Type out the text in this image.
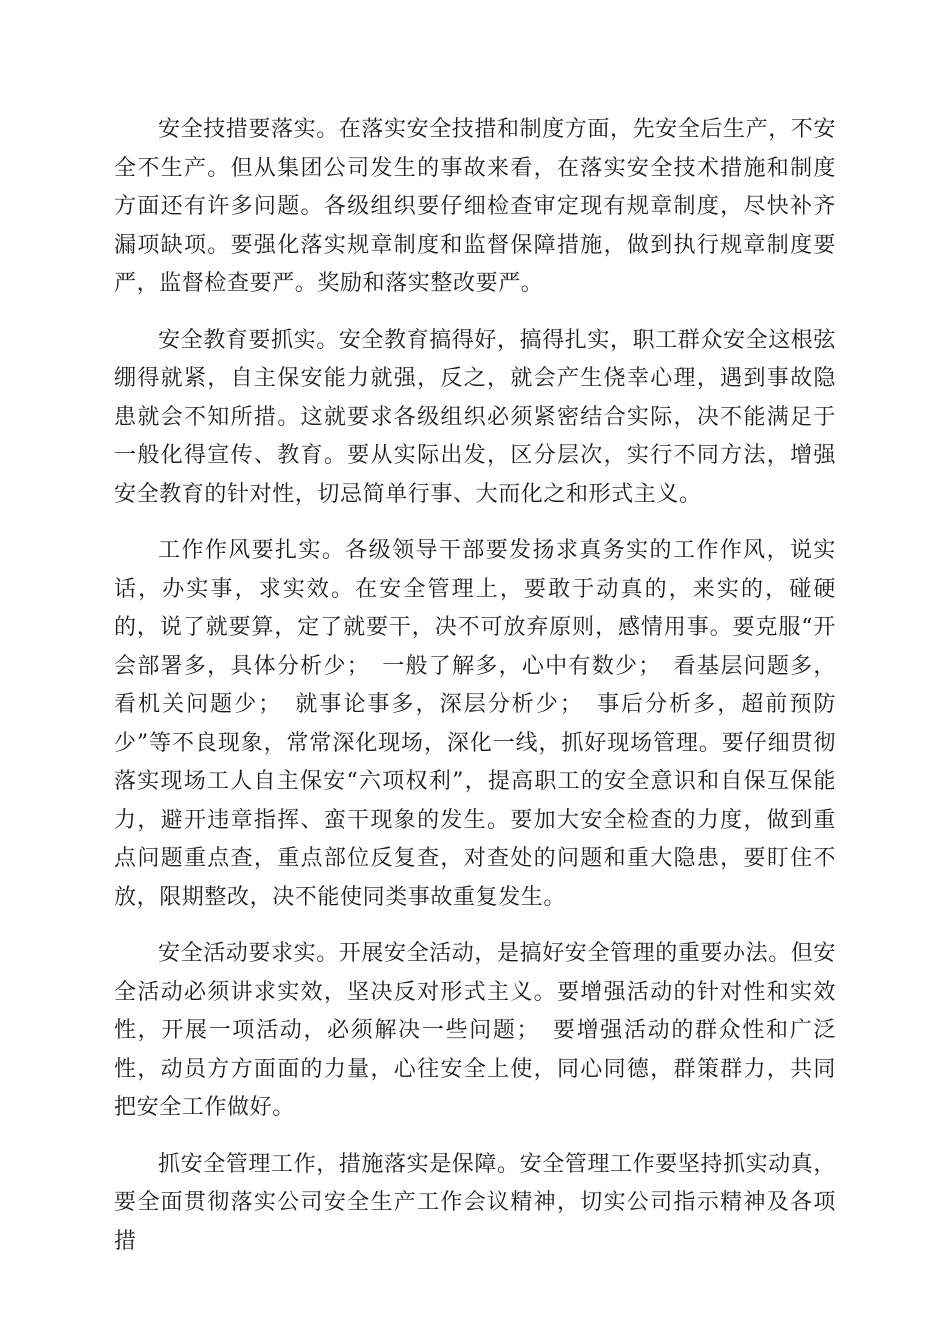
安全技措要落实。在落实安全技措和制度方面，先安全后生产，不安全不生产。但从集团公司发生的事故来看，在落实安全技术措施和制度方面还有许多问题。各级组织要仔细检查审定现有规章制度，尽快补齐漏项缺项。要强化落实规章制度和监督保障措施，做到执行规章制度要严，监督检查要严。奖励和落实整改要严。

安全教育要抓实。安全教育搞得好，搞得扎实，职工群众安全这根弦绷得就紧，自主保安能力就强，反之，就会产生侥幸心理，遇到事故隐患就会不知所措。这就要求各级组织必须紧密结合实际，决不能满足于一般化得宣传、教育。要从实际出发，区分层次，实行不同方法，增强安全教育的针对性，切忌简单行事、大而化之和形式主义。

工作作风要扎实。各级领导干部要发扬求真务实的工作作风，说实话，办实事，求实效。在安全管理上，要敢于动真的，来实的，碰硬的，说了就要算，定了就要干，决不可放弃原则，感情用事。要克服“开会部署多，具体分析少；　一般了解多，心中有数少；　看基层问题多，看机关问题少；　就事论事多，深层分析少；　事后分析多，超前预防少”等不良现象，常常深化现场，深化一线，抓好现场管理。要仔细贯彻落实现场工人自主保安“六项权利”，提高职工的安全意识和自保互保能力，避开违章指挥、蛮干现象的发生。要加大安全检查的力度，做到重点问题重点查，重点部位反复查，对查处的问题和重大隐患，要盯住不放，限期整改，决不能使同类事故重复发生。

安全活动要求实。开展安全活动，是搞好安全管理的重要办法。但安全活动必须讲求实效，坚决反对形式主义。要增强活动的针对性和实效性，开展一项活动，必须解决一些问题；　要增强活动的群众性和广泛性，动员方方面面的力量，心往安全上使，同心同德，群策群力，共同把安全工作做好。

抓安全管理工作，措施落实是保障。安全管理工作要坚持抓实动真，要全面贯彻落实公司安全生产工作会议精神，切实公司指示精神及各项措
